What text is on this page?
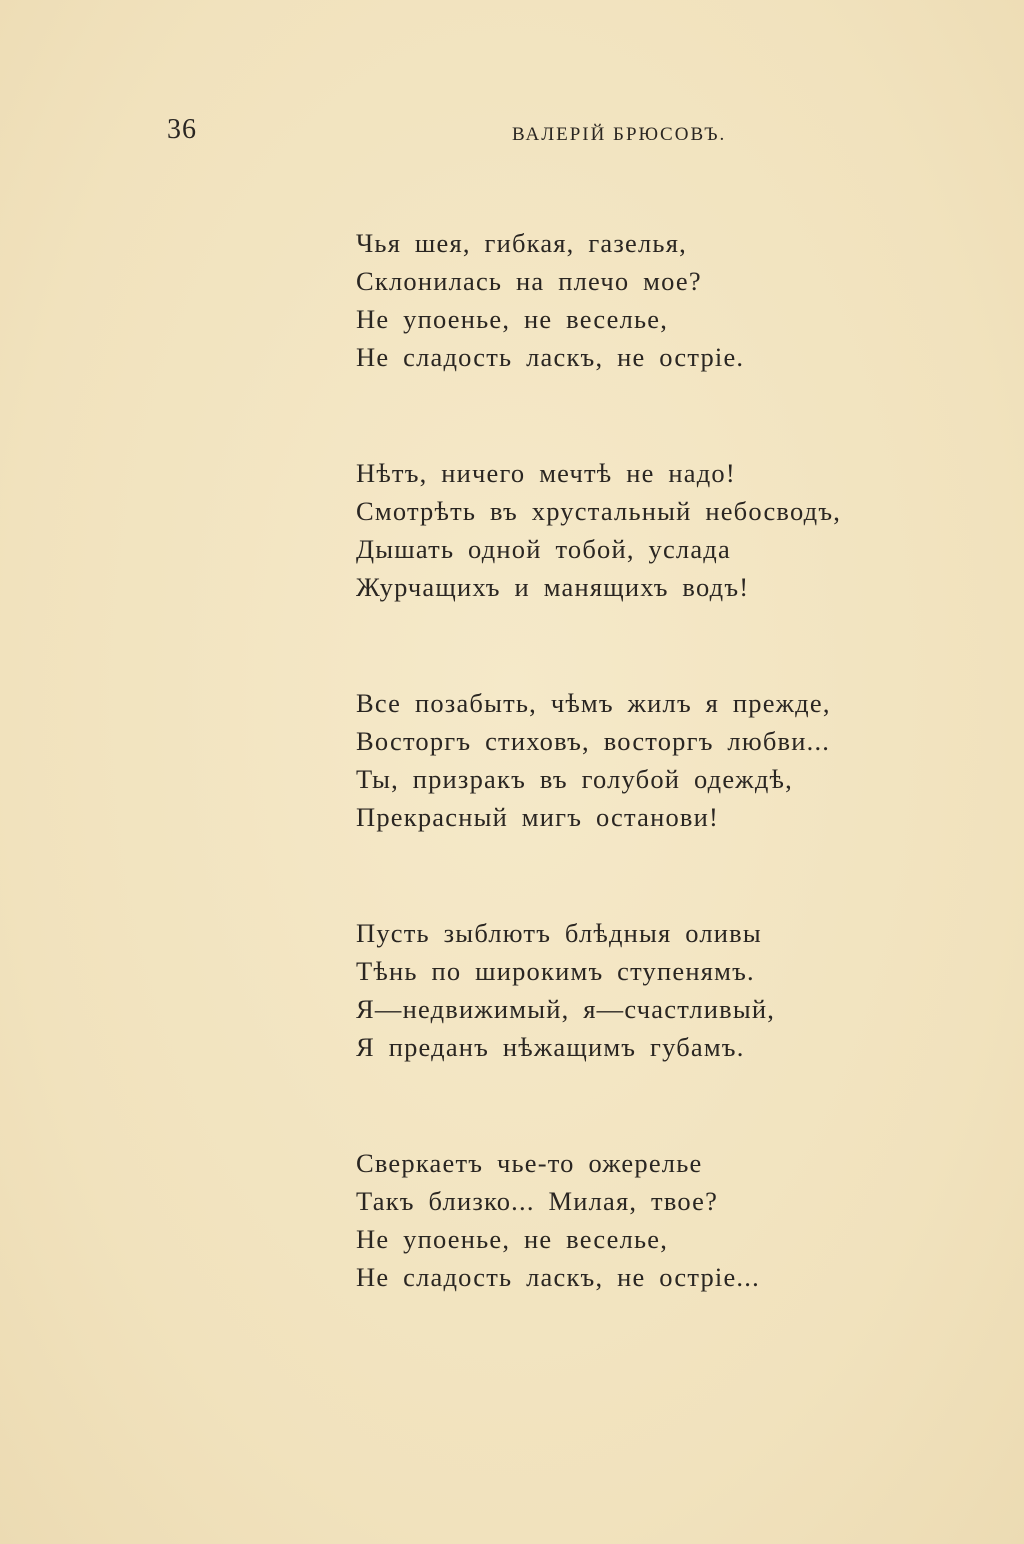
36	ВАЛЕРІЙ БРЮСОВЪ.
Чья шея, гибкая, газелья,
Склонилась на плечо мое?
Не упоенье, не веселье,
Не сладость ласкъ, не остріе.
Нѣтъ, ничего мечтѣ не надо!
Смотрѣть въ хрустальный небосводъ,
Дышать одной тобой, услада
Журчащихъ и манящихъ водъ!
Все позабыть, чѣмъ жилъ я прежде,
Восторгъ стиховъ, восторгъ любви...
Ты, призракъ въ голубой одеждѣ,
Прекрасный мигъ останови!
Пусть зыблютъ блѣдныя оливы
Тѣнь по широкимъ ступенямъ.
Я—недвижимый, я—счастливый,
Я преданъ нѣжащимъ губамъ.
Сверкаетъ чье-то ожерелье
Такъ близко... Милая, твое?
Не упоенье, не веселье,
Не сладость ласкъ, не остріе...
